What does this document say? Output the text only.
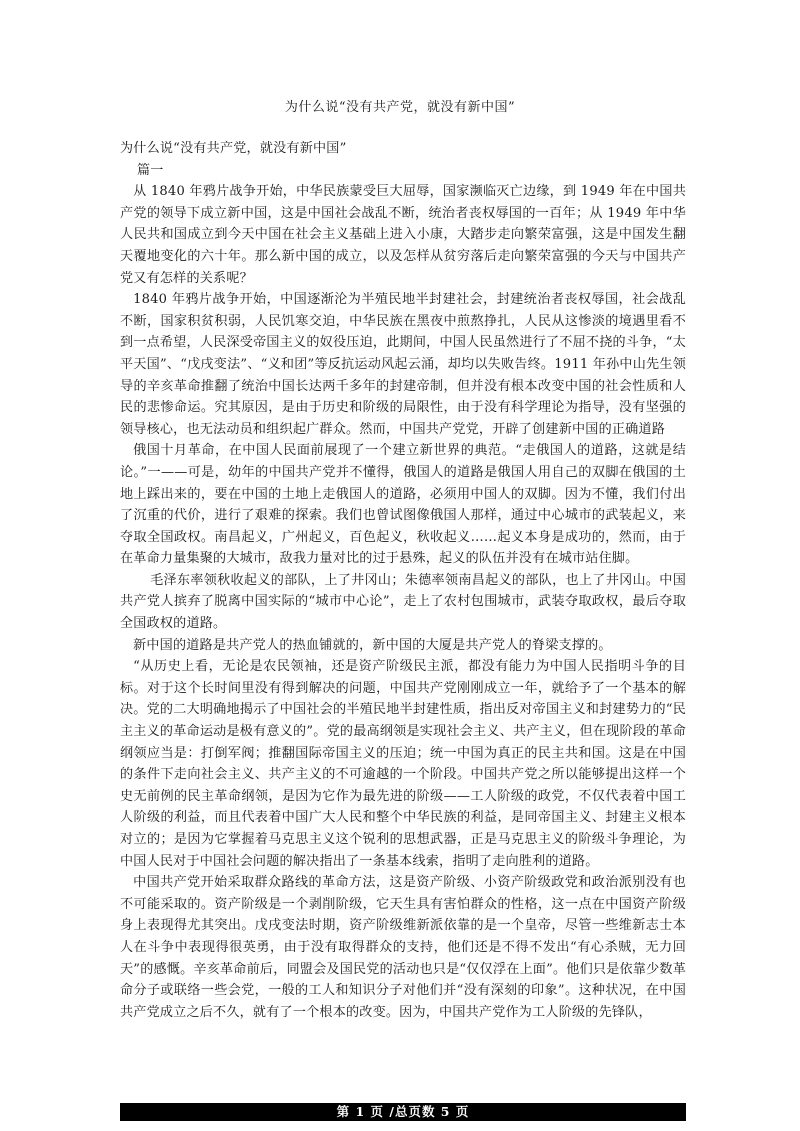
为什么说“没有共产党，就没有新中国”

为什么说“没有共产党，就没有新中国”

篇一

从 1840 年鸦片战争开始，中华民族蒙受巨大屈辱，国家濒临灭亡边缘，到 1949 年在中国共产党的领导下成立新中国，这是中国社会战乱不断，统治者丧权辱国的一百年；从 1949 年中华人民共和国成立到今天中国在社会主义基础上进入小康，大踏步走向繁荣富强，这是中国发生翻天覆地变化的六十年。那么新中国的成立，以及怎样从贫穷落后走向繁荣富强的今天与中国共产党又有怎样的关系呢？

1840 年鸦片战争开始，中国逐渐沦为半殖民地半封建社会，封建统治者丧权辱国，社会战乱不断，国家积贫积弱，人民饥寒交迫，中华民族在黑夜中煎熬挣扎，人民从这惨淡的境遇里看不到一点希望，人民深受帝国主义的奴役压迫，此期间，中国人民虽然进行了不屈不挠的斗争，“太平天国”、“戊戌变法”、“义和团”等反抗运动风起云涌，却均以失败告终。1911 年孙中山先生领导的辛亥革命推翻了统治中国长达两千多年的封建帝制，但并没有根本改变中国的社会性质和人民的悲惨命运。究其原因，是由于历史和阶级的局限性，由于没有科学理论为指导，没有坚强的领导核心，也无法动员和组织起广群众。然而，中国共产党党，开辟了创建新中国的正确道路

俄国十月革命，在中国人民面前展现了一个建立新世界的典范。“走俄国人的道路，这就是结论。”一——可是，幼年的中国共产党并不懂得，俄国人的道路是俄国人用自己的双脚在俄国的土地上踩出来的，要在中国的土地上走俄国人的道路，必须用中国人的双脚。因为不懂，我们付出了沉重的代价，进行了艰难的探索。我们也曾试图像俄国人那样，通过中心城市的武装起义，来夺取全国政权。南昌起义，广州起义，百色起义，秋收起义……起义本身是成功的，然而，由于在革命力量集聚的大城市，敌我力量对比的过于悬殊，起义的队伍并没有在城市站住脚。

毛泽东率领秋收起义的部队，上了井冈山；朱德率领南昌起义的部队，也上了井冈山。中国共产党人摈弃了脱离中国实际的“城市中心论”，走上了农村包围城市，武装夺取政权，最后夺取全国政权的道路。

新中国的道路是共产党人的热血铺就的，新中国的大厦是共产党人的脊梁支撑的。

“从历史上看，无论是农民领袖，还是资产阶级民主派，都没有能力为中国人民指明斗争的目标。对于这个长时间里没有得到解决的问题，中国共产党刚刚成立一年，就给予了一个基本的解决。党的二大明确地揭示了中国社会的半殖民地半封建性质，指出反对帝国主义和封建势力的“民主主义的革命运动是极有意义的”。党的最高纲领是实现社会主义、共产主义，但在现阶段的革命纲领应当是：打倒军阀；推翻国际帝国主义的压迫；统一中国为真正的民主共和国。这是在中国的条件下走向社会主义、共产主义的不可逾越的一个阶段。中国共产党之所以能够提出这样一个史无前例的民主革命纲领，是因为它作为最先进的阶级——工人阶级的政党，不仅代表着中国工人阶级的利益，而且代表着中国广大人民和整个中华民族的利益，是同帝国主义、封建主义根本对立的；是因为它掌握着马克思主义这个锐利的思想武器，正是马克思主义的阶级斗争理论，为中国人民对于中国社会问题的解决指出了一条基本线索，指明了走向胜利的道路。

中国共产党开始采取群众路线的革命方法，这是资产阶级、小资产阶级政党和政治派别没有也不可能采取的。资产阶级是一个剥削阶级，它天生具有害怕群众的性格，这一点在中国资产阶级身上表现得尤其突出。戊戌变法时期，资产阶级维新派依靠的是一个皇帝，尽管一些维新志士本人在斗争中表现得很英勇，由于没有取得群众的支持，他们还是不得不发出“有心杀贼，无力回天”的感慨。辛亥革命前后，同盟会及国民党的活动也只是“仅仅浮在上面”。他们只是依靠少数革命分子或联络一些会党，一般的工人和知识分子对他们并“没有深刻的印象”。这种状况，在中国共产党成立之后不久，就有了一个根本的改变。因为，中国共产党作为工人阶级的先锋队，

第 1 页 /总页数 5 页
